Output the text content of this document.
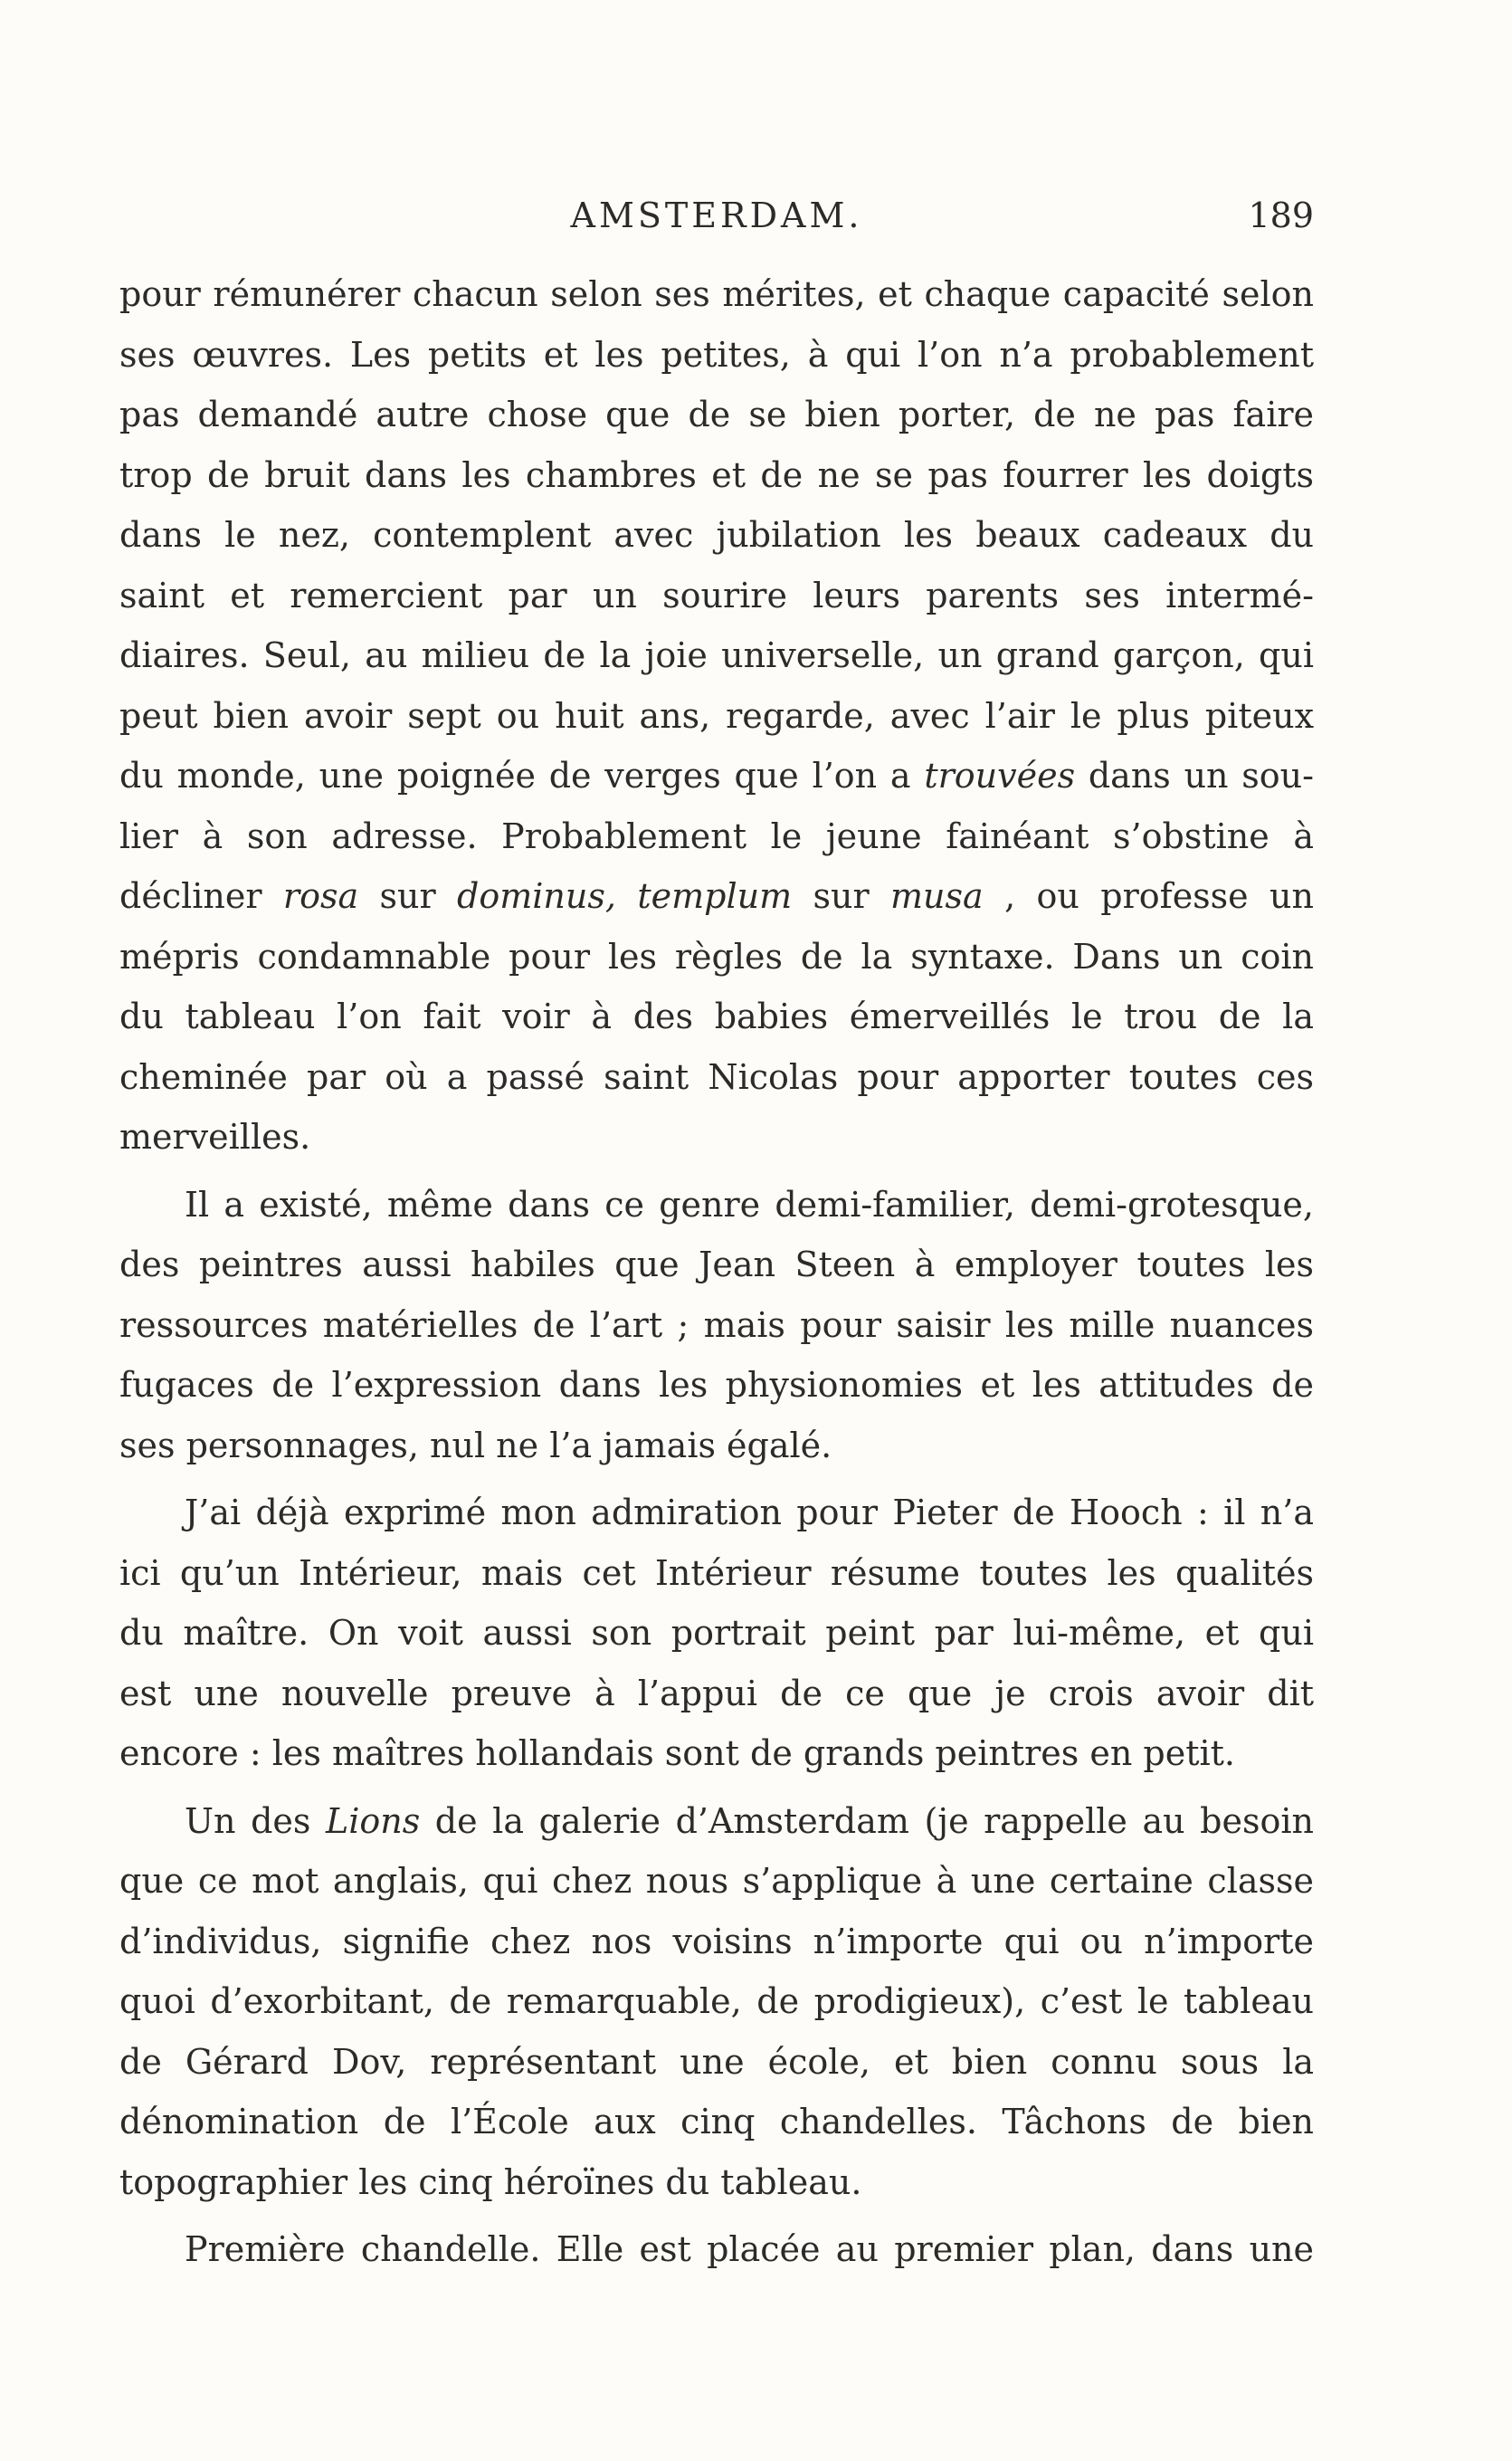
AMSTERDAM.	189
pour rémunérer chacun selon ses mérites, et chaque capacité selon
ses œuvres. Les petits et les petites, à qui l’on n’a probablement
pas demandé autre chose que de se bien porter, de ne pas faire
trop de bruit dans les chambres et de ne se pas fourrer les doigts
dans le nez, contemplent avec jubilation les beaux cadeaux du
saint et remercient par un sourire leurs parents ses intermé-
diaires. Seul, au milieu de la joie universelle, un grand garçon, qui
peut bien avoir sept ou huit ans, regarde, avec l’air le plus piteux
du monde, une poignée de verges que l’on a trouvées dans un sou-
lier à son adresse. Probablement le jeune fainéant s’obstine à
décliner rosa sur dominus, templum sur musa , ou professe un
mépris condamnable pour les règles de la syntaxe. Dans un coin
du tableau l’on fait voir à des babies émerveillés le trou de la
cheminée par où a passé saint Nicolas pour apporter toutes ces
merveilles.
Il a existé, même dans ce genre demi-familier, demi-grotesque,
des peintres aussi habiles que Jean Steen à employer toutes les
ressources matérielles de l’art ; mais pour saisir les mille nuances
fugaces de l’expression dans les physionomies et les attitudes de
ses personnages, nul ne l’a jamais égalé.
J’ai déjà exprimé mon admiration pour Pieter de Hooch : il n’a
ici qu’un Intérieur, mais cet Intérieur résume toutes les qualités
du maître. On voit aussi son portrait peint par lui-même, et qui
est une nouvelle preuve à l’appui de ce que je crois avoir dit
encore : les maîtres hollandais sont de grands peintres en petit.
Un des Lions de la galerie d’Amsterdam (je rappelle au besoin
que ce mot anglais, qui chez nous s’applique à une certaine classe
d’individus, signifie chez nos voisins n’importe qui ou n’importe
quoi d’exorbitant, de remarquable, de prodigieux), c’est le tableau
de Gérard Dov, représentant une école, et bien connu sous la
dénomination de l’École aux cinq chandelles. Tâchons de bien
topographier les cinq héroïnes du tableau.
Première chandelle. Elle est placée au premier plan, dans une
